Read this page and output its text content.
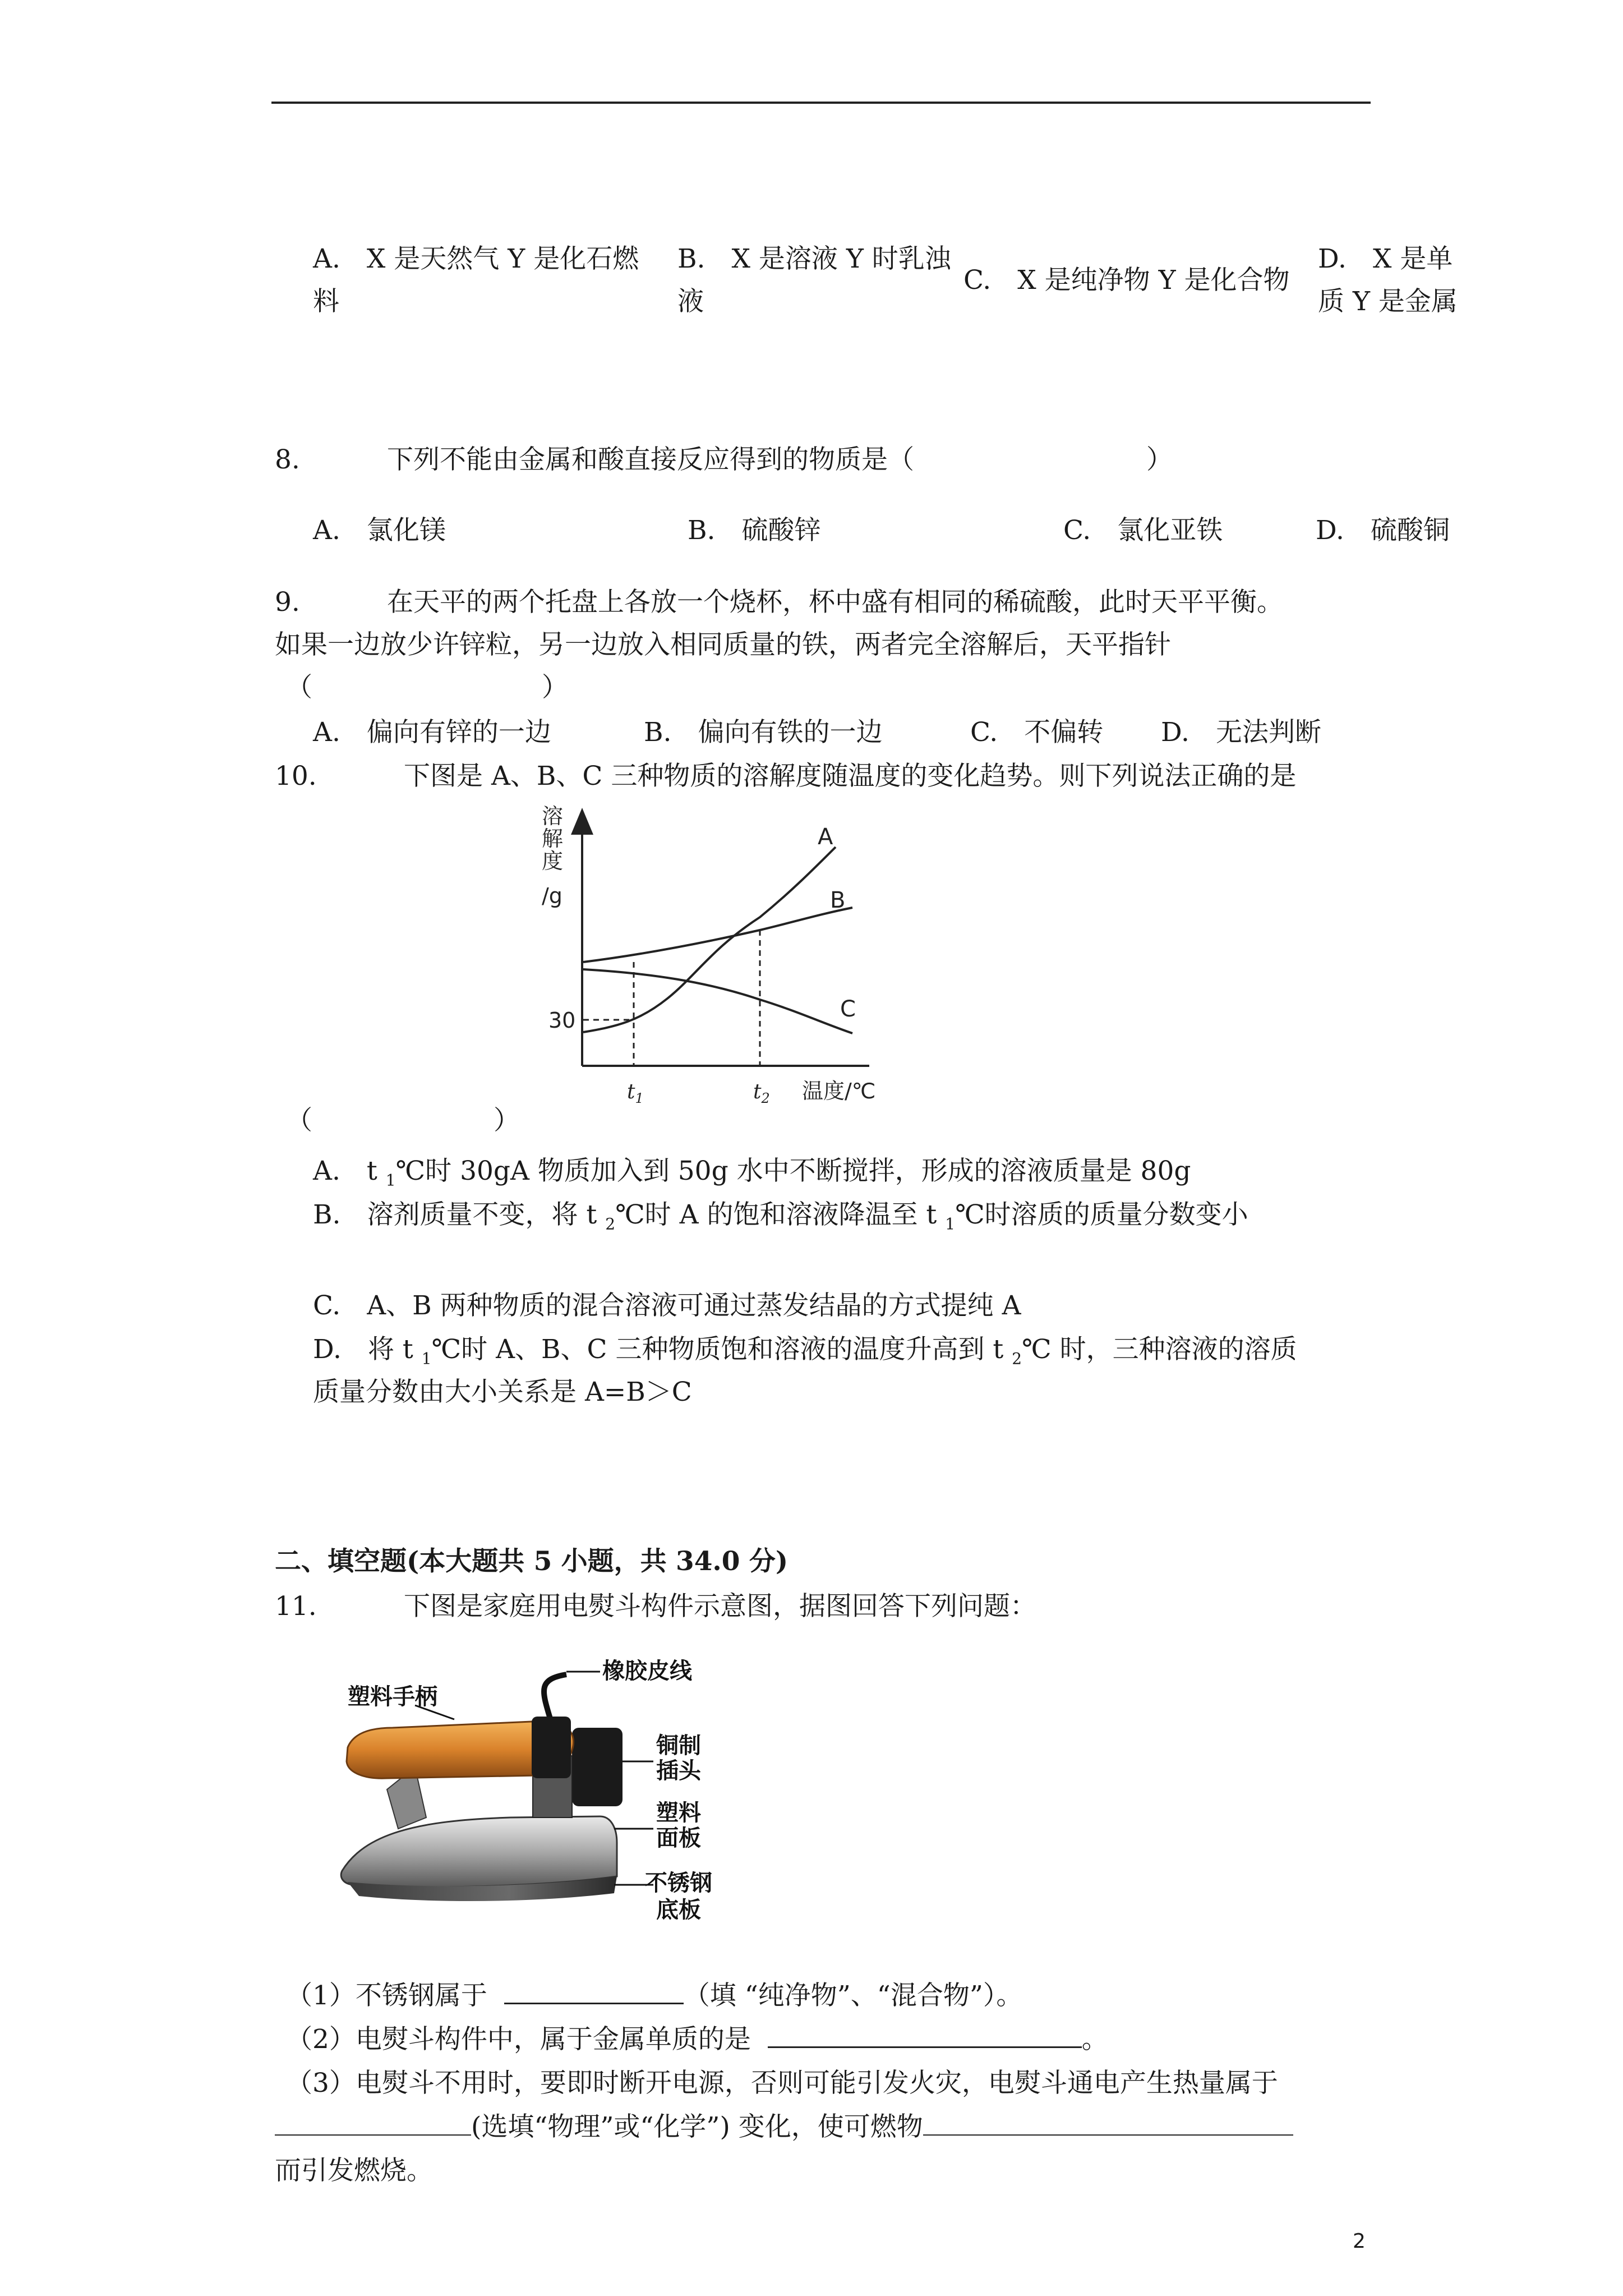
A.　X 是天然气 Y 是化石燃
料
B.　X 是溶液 Y 时乳浊
液
C.　X 是纯净物 Y 是化合物
D.　X 是单
质 Y 是金属
8.	下列不能由金属和酸直接反应得到的物质是（	）
A.　氯化镁	B.　硫酸锌	C.　氯化亚铁	D.　硫酸铜
9.	在天平的两个托盘上各放一个烧杯，杯中盛有相同的稀硫酸，此时天平平衡。
如果一边放少许锌粒，另一边放入相同质量的铁，两者完全溶解后，天平指针
（	）
A.　偏向有锌的一边	B.　偏向有铁的一边	C.　不偏转 D.　无法判断
10.	下图是 A、B、C 三种物质的溶解度随温度的变化趋势。则下列说法正确的是
溶
解
度
/g
30
A
B
C
$t_1$	$t_2$ 温度/℃
（	）
A.　t $_1$℃时 30gA 物质加入到 50g 水中不断搅拌，形成的溶液质量是 80g
B.　溶剂质量不变，将 t $_2$℃时 A 的饱和溶液降温至 t $_1$℃时溶质的质量分数变小
C.　A、B 两种物质的混合溶液可通过蒸发结晶的方式提纯 A
D.　将 t $_1$℃时 A、B、C 三种物质饱和溶液的温度升高到 t $_2$℃ 时，三种溶液的溶质
质量分数由大小关系是 A=B＞C
二、填空题(本大题共 5 小题，共 34.0 分)
11.	下图是家庭用电熨斗构件示意图，据图回答下列问题：
橡胶皮线
塑料手柄
铜制
插头
塑料
面板
不锈钢
底板
（1）不锈钢属于	（填 “纯净物”、“混合物”）。
（2）电熨斗构件中，属于金属单质的是	。
（3）电熨斗不用时，要即时断开电源，否则可能引发火灾，电熨斗通电产生热量属于
(选填“物理”或“化学”) 变化，使可燃物
而引发燃烧。
2
